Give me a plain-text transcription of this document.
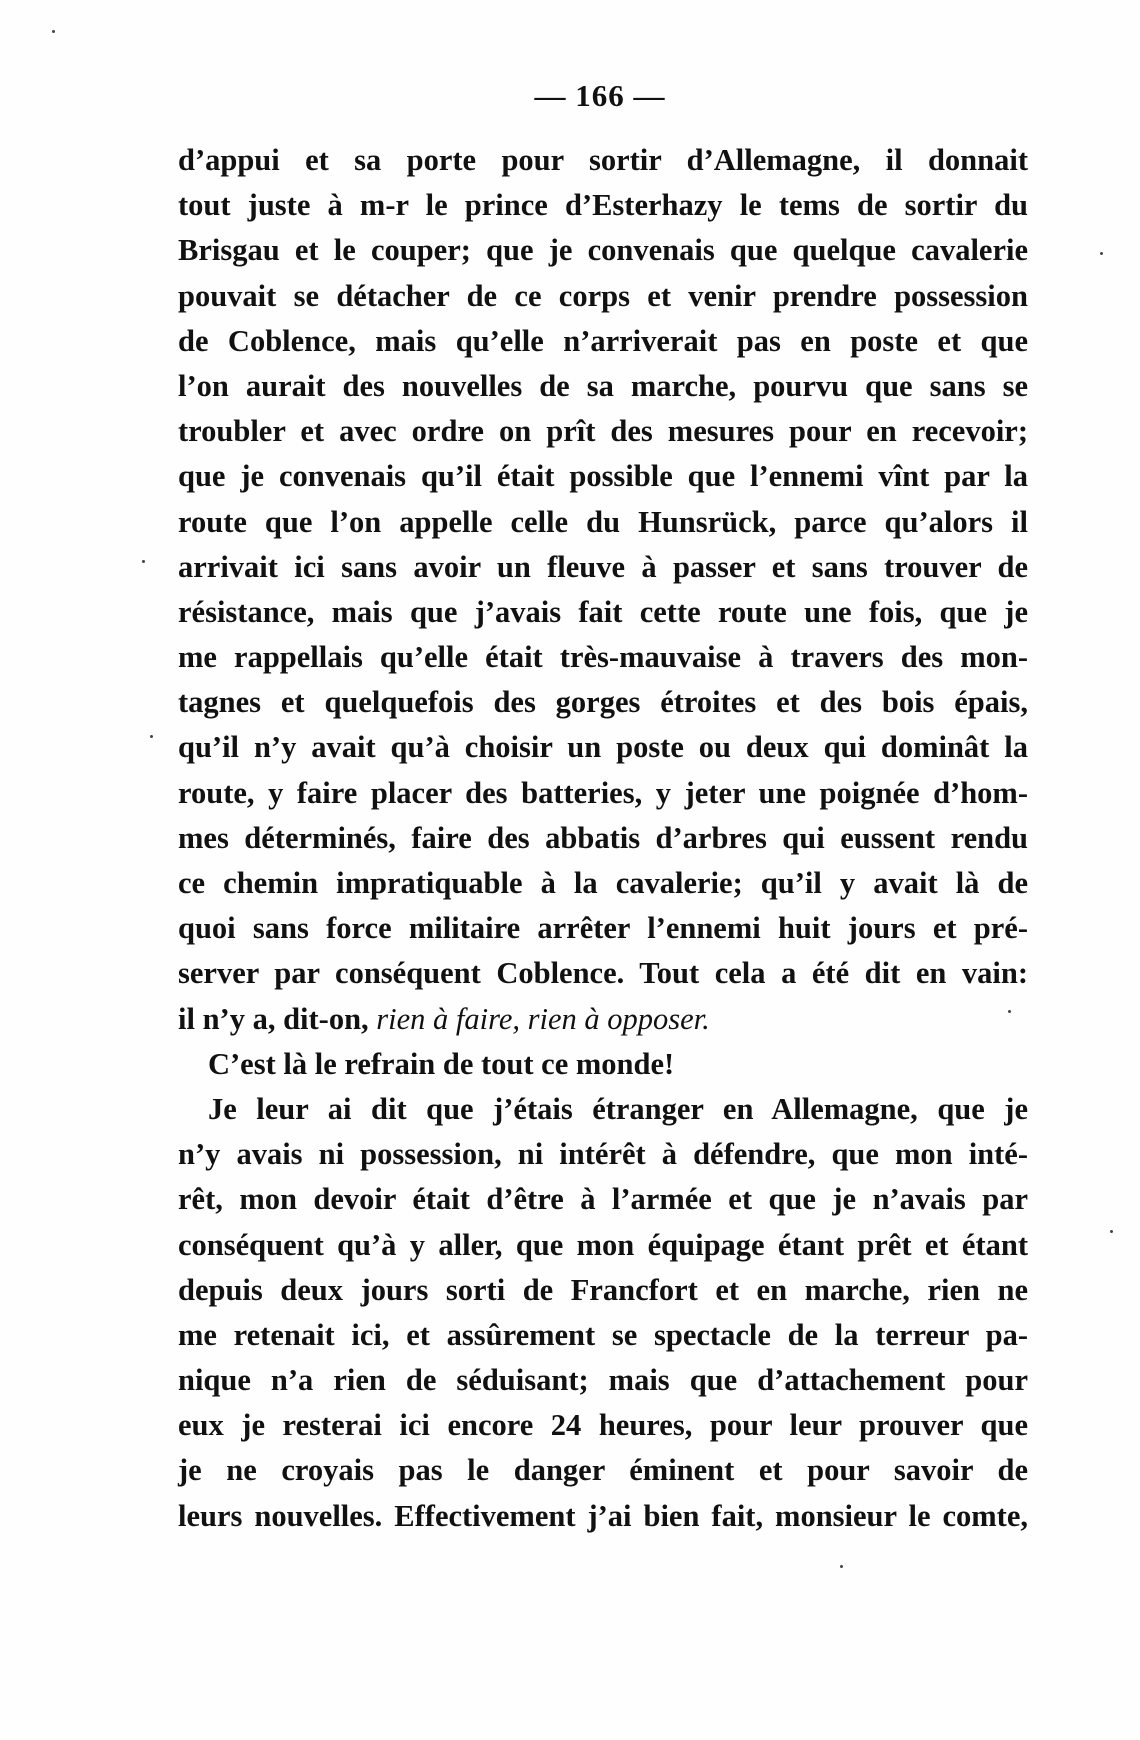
— 166 —
d’appui et sa porte pour sortir d’Allemagne, il donnait
tout juste à m-r le prince d’Esterhazy le tems de sortir du
Brisgau et le couper; que je convenais que quelque cavalerie
pouvait se détacher de ce corps et venir prendre possession
de Coblence, mais qu’elle n’arriverait pas en poste et que
l’on aurait des nouvelles de sa marche, pourvu que sans se
troubler et avec ordre on prît des mesures pour en recevoir;
que je convenais qu’il était possible que l’ennemi vînt par la
route que l’on appelle celle du Hunsrück, parce qu’alors il
arrivait ici sans avoir un fleuve à passer et sans trouver de
résistance, mais que j’avais fait cette route une fois, que je
me rappellais qu’elle était très-mauvaise à travers des mon-
tagnes et quelquefois des gorges étroites et des bois épais,
qu’il n’y avait qu’à choisir un poste ou deux qui dominât la
route, y faire placer des batteries, y jeter une poignée d’hom-
mes déterminés, faire des abbatis d’arbres qui eussent rendu
ce chemin impratiquable à la cavalerie; qu’il y avait là de
quoi sans force militaire arrêter l’ennemi huit jours et pré-
server par conséquent Coblence. Tout cela a été dit en vain:
il n’y a, dit-on, rien à faire, rien à opposer.
C’est là le refrain de tout ce monde!
Je leur ai dit que j’étais étranger en Allemagne, que je
n’y avais ni possession, ni intérêt à défendre, que mon inté-
rêt, mon devoir était d’être à l’armée et que je n’avais par
conséquent qu’à y aller, que mon équipage étant prêt et étant
depuis deux jours sorti de Francfort et en marche, rien ne
me retenait ici, et assûrement se spectacle de la terreur pa-
nique n’a rien de séduisant; mais que d’attachement pour
eux je resterai ici encore 24 heures, pour leur prouver que
je ne croyais pas le danger éminent et pour savoir de
leurs nouvelles. Effectivement j’ai bien fait, monsieur le comte,
